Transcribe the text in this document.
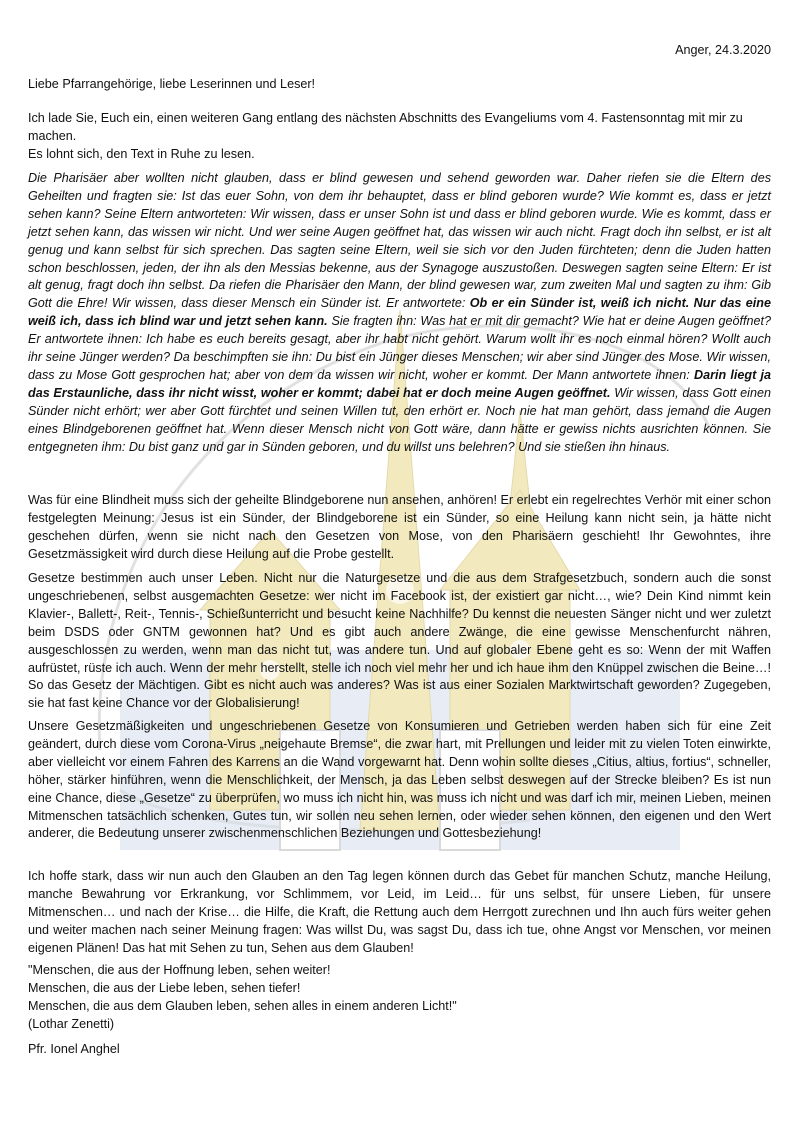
Anger, 24.3.2020
Liebe Pfarrangehörige, liebe Leserinnen und Leser!
Ich lade Sie, Euch ein, einen weiteren Gang entlang des nächsten Abschnitts des Evangeliums vom 4. Fastensonntag mit mir zu machen.
Es lohnt sich, den Text in Ruhe zu lesen.
Die Pharisäer aber wollten nicht glauben, dass er blind gewesen und sehend geworden war. Daher riefen sie die Eltern des Geheilten und fragten sie: Ist das euer Sohn, von dem ihr behauptet, dass er blind geboren wurde? Wie kommt es, dass er jetzt sehen kann? Seine Eltern antworteten: Wir wissen, dass er unser Sohn ist und dass er blind geboren wurde. Wie es kommt, dass er jetzt sehen kann, das wissen wir nicht. Und wer seine Augen geöffnet hat, das wissen wir auch nicht. Fragt doch ihn selbst, er ist alt genug und kann selbst für sich sprechen. Das sagten seine Eltern, weil sie sich vor den Juden fürchteten; denn die Juden hatten schon beschlossen, jeden, der ihn als den Messias bekenne, aus der Synagoge auszustoßen. Deswegen sagten seine Eltern: Er ist alt genug, fragt doch ihn selbst. Da riefen die Pharisäer den Mann, der blind gewesen war, zum zweiten Mal und sagten zu ihm: Gib Gott die Ehre! Wir wissen, dass dieser Mensch ein Sünder ist. Er antwortete: Ob er ein Sünder ist, weiß ich nicht. Nur das eine weiß ich, dass ich blind war und jetzt sehen kann. Sie fragten ihn: Was hat er mit dir gemacht? Wie hat er deine Augen geöffnet? Er antwortete ihnen: Ich habe es euch bereits gesagt, aber ihr habt nicht gehört. Warum wollt ihr es noch einmal hören? Wollt auch ihr seine Jünger werden? Da beschimpften sie ihn: Du bist ein Jünger dieses Menschen; wir aber sind Jünger des Mose. Wir wissen, dass zu Mose Gott gesprochen hat; aber von dem da wissen wir nicht, woher er kommt. Der Mann antwortete ihnen: Darin liegt ja das Erstaunliche, dass ihr nicht wisst, woher er kommt; dabei hat er doch meine Augen geöffnet. Wir wissen, dass Gott einen Sünder nicht erhört; wer aber Gott fürchtet und seinen Willen tut, den erhört er. Noch nie hat man gehört, dass jemand die Augen eines Blindgeborenen geöffnet hat. Wenn dieser Mensch nicht von Gott wäre, dann hätte er gewiss nichts ausrichten können. Sie entgegneten ihm: Du bist ganz und gar in Sünden geboren, und du willst uns belehren? Und sie stießen ihn hinaus.
Was für eine Blindheit muss sich der geheilte Blindgeborene nun ansehen, anhören! Er erlebt ein regelrechtes Verhör mit einer schon festgelegten Meinung: Jesus ist ein Sünder, der Blindgeborene ist ein Sünder, so eine Heilung kann nicht sein, ja hätte nicht geschehen dürfen, wenn sie nicht nach den Gesetzen von Mose, von den Pharisäern geschieht! Ihr Gewohntes, ihre Gesetzmässigkeit wird durch diese Heilung auf die Probe gestellt.
Gesetze bestimmen auch unser Leben. Nicht nur die Naturgesetze und die aus dem Strafgesetzbuch, sondern auch die sonst ungeschriebenen, selbst ausgemachten Gesetze: wer nicht im Facebook ist, der existiert gar nicht…, wie? Dein Kind nimmt kein Klavier-, Ballett-, Reit-, Tennis-, Schießunterricht und besucht keine Nachhilfe? Du kennst die neuesten Sänger nicht und wer zuletzt beim DSDS oder GNTM gewonnen hat? Und es gibt auch andere Zwänge, die eine gewisse Menschenfurcht nähren, ausgeschlossen zu werden, wenn man das nicht tut, was andere tun. Und auf globaler Ebene geht es so: Wenn der mit Waffen aufrüstet, rüste ich auch. Wenn der mehr herstellt, stelle ich noch viel mehr her und ich haue ihm den Knüppel zwischen die Beine…! So das Gesetz der Mächtigen. Gibt es nicht auch was anderes? Was ist aus einer Sozialen Marktwirtschaft geworden? Zugegeben, sie hat fast keine Chance vor der Globalisierung!
Unsere Gesetzmäßigkeiten und ungeschriebenen Gesetze von Konsumieren und Getrieben werden haben sich für eine Zeit geändert, durch diese vom Corona-Virus „neigehaute Bremse“, die zwar hart, mit Prellungen und leider mit zu vielen Toten einwirkte, aber vielleicht vor einem Fahren des Karrens an die Wand vorgewarnt hat. Denn wohin sollte dieses „Citius, altius, fortius“, schneller, höher, stärker hinführen, wenn die Menschlichkeit, der Mensch, ja das Leben selbst deswegen auf der Strecke bleiben? Es ist nun eine Chance, diese „Gesetze“ zu überprüfen, wo muss ich nicht hin, was muss ich nicht und was darf ich mir, meinen Lieben, meinen Mitmenschen tatsächlich schenken, Gutes tun, wir sollen neu sehen lernen, oder wieder sehen können, den eigenen und den Wert anderer, die Bedeutung unserer zwischenmenschlichen Beziehungen und Gottesbeziehung!
Ich hoffe stark, dass wir nun auch den Glauben an den Tag legen können durch das Gebet für manchen Schutz, manche Heilung, manche Bewahrung vor Erkrankung, vor Schlimmem, vor Leid, im Leid… für uns selbst, für unsere Lieben, für unsere Mitmenschen… und nach der Krise… die Hilfe, die Kraft, die Rettung auch dem Herrgott zurechnen und Ihn auch fürs weiter gehen und weiter machen nach seiner Meinung fragen: Was willst Du, was sagst Du, dass ich tue, ohne Angst vor Menschen, vor meinen eigenen Plänen! Das hat mit Sehen zu tun, Sehen aus dem Glauben!
"Menschen, die aus der Hoffnung leben, sehen weiter!
Menschen, die aus der Liebe leben, sehen tiefer!
Menschen, die aus dem Glauben leben, sehen alles in einem anderen Licht!"
(Lothar Zenetti)
Pfr. Ionel Anghel
